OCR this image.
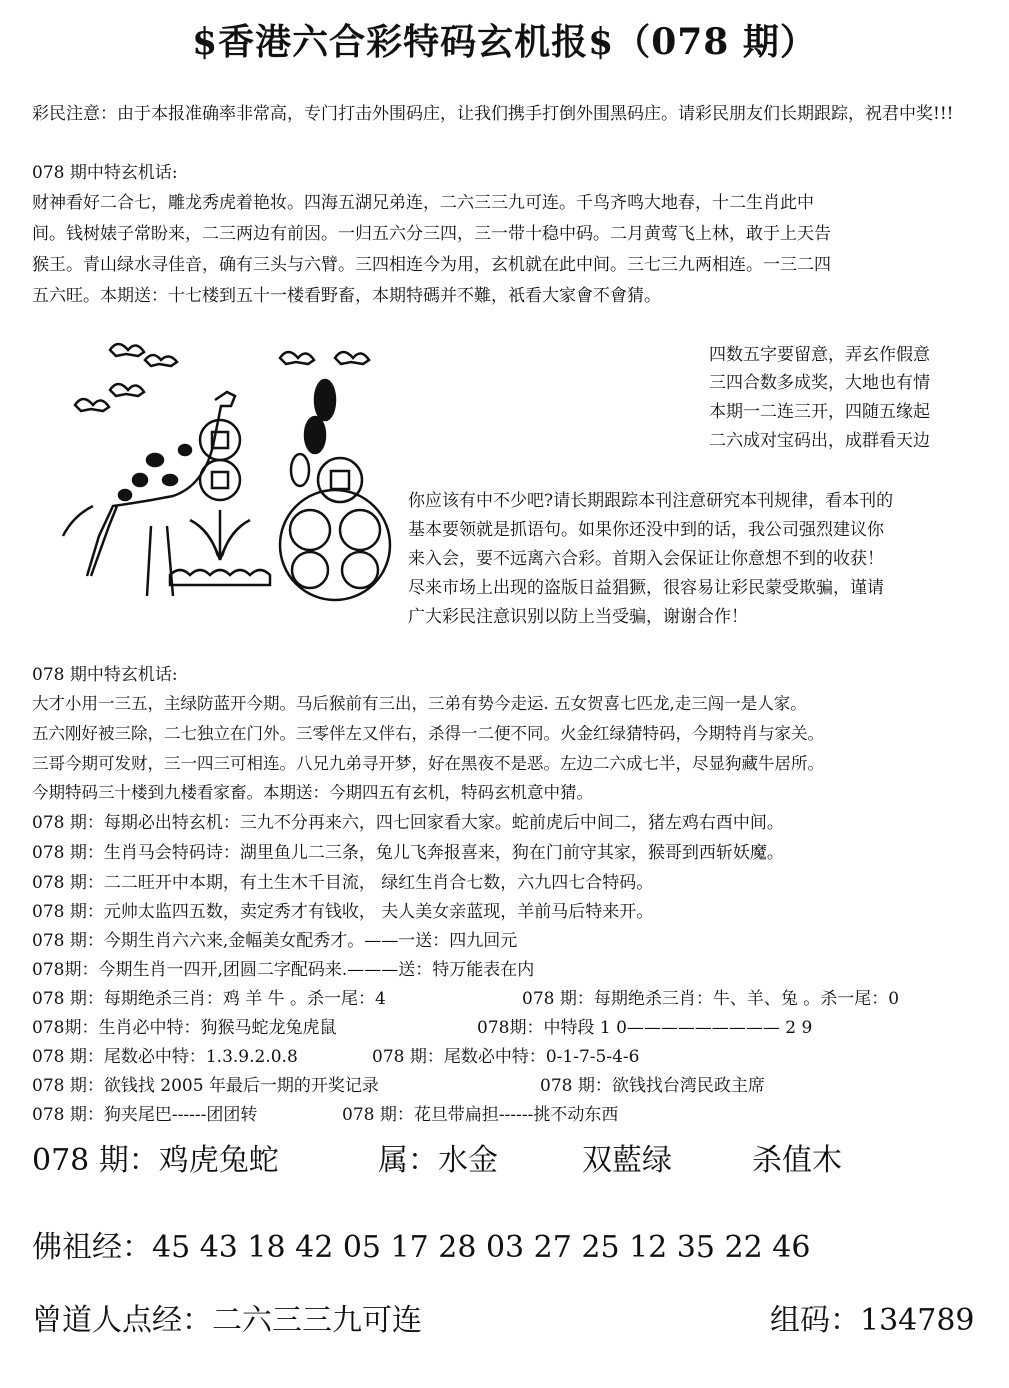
$香港六合彩特码玄机报$（078 期）
彩民注意：由于本报准确率非常高，专门打击外围码庄，让我们携手打倒外围黑码庄。请彩民朋友们长期跟踪，祝君中奖!!!
078 期中特玄机话:
财神看好二合七，雕龙秀虎着艳妆。四海五湖兄弟连，二六三三九可连。千鸟齐鸣大地春，十二生肖此中
间。钱树婊子常盼来，二三两边有前因。一归五六分三四，三一带十稳中码。二月黄莺飞上林，敢于上天告
猴王。青山绿水寻佳音，确有三头与六臂。三四相连今为用，玄机就在此中间。三七三九两相连。一三二四
五六旺。本期送：十七楼到五十一楼看野畜，本期特碼并不難，祇看大家會不會猜。
四数五字要留意，弄玄作假意
三四合数多成奖，大地也有情
本期一二连三开，四随五缘起
二六成对宝码出，成群看天边
你应该有中不少吧?请长期跟踪本刊注意研究本刊规律，看本刊的
基本要领就是抓语句。如果你还没中到的话，我公司强烈建议你
来入会，要不远离六合彩。首期入会保证让你意想不到的收获！
尽来市场上出现的盗版日益猖獗，很容易让彩民蒙受欺骗，谨请
广大彩民注意识别以防上当受骗，谢谢合作！
078 期中特玄机话:
大才小用一三五，主绿防蓝开今期。马后猴前有三出，三弟有势今走运. 五女贺喜七匹龙,走三闯一是人家。
五六刚好被三除，二七独立在门外。三零伴左又伴右，杀得一二便不同。火金红绿猜特码，今期特肖与家关。
三哥今期可发财，三一四三可相连。八兄九弟寻开梦，好在黑夜不是恶。左边二六成七半，尽显狗藏牛居所。
今期特码三十楼到九楼看家畜。本期送：今期四五有玄机，特码玄机意中猜。
078 期：每期必出特玄机：三九不分再来六，四七回家看大家。蛇前虎后中间二，猪左鸡右酉中间。
078 期：生肖马会特码诗：湖里鱼儿二三条，兔儿飞奔报喜来，狗在门前守其家，猴哥到西斩妖魔。
078 期：二二旺开中本期，有土生木千目流， 绿红生肖合七数，六九四七合特码。
078 期：元帅太监四五数，卖定秀才有钱收， 夫人美女亲蓝现，羊前马后特来开。
078 期：今期生肖六六来,金幅美女配秀才。——一送：四九回元
078期：今期生肖一四开,团圆二字配码来.———送：特万能表在内
078 期：每期绝杀三肖：鸡 羊 牛 。杀一尾：4	078 期：每期绝杀三肖：牛、羊、兔 。杀一尾：0
078期：生肖必中特：狗猴马蛇龙兔虎鼠	078期：中特段 1 0————————— 2 9
078 期：尾数必中特：1.3.9.2.0.8	078 期：尾数必中特：0-1-7-5-4-6
078 期：欲钱找 2005 年最后一期的开奖记录	078 期：欲钱找台湾民政主席
078 期：狗夹尾巴------团团转	078 期：花旦带扁担------挑不动东西
078 期：鸡虎兔蛇	属：水金	双藍绿	杀值木
佛祖经：45 43 18 42 05 17 28 03 27 25 12 35 22 46
曾道人点经：二六三三九可连	组码：134789
